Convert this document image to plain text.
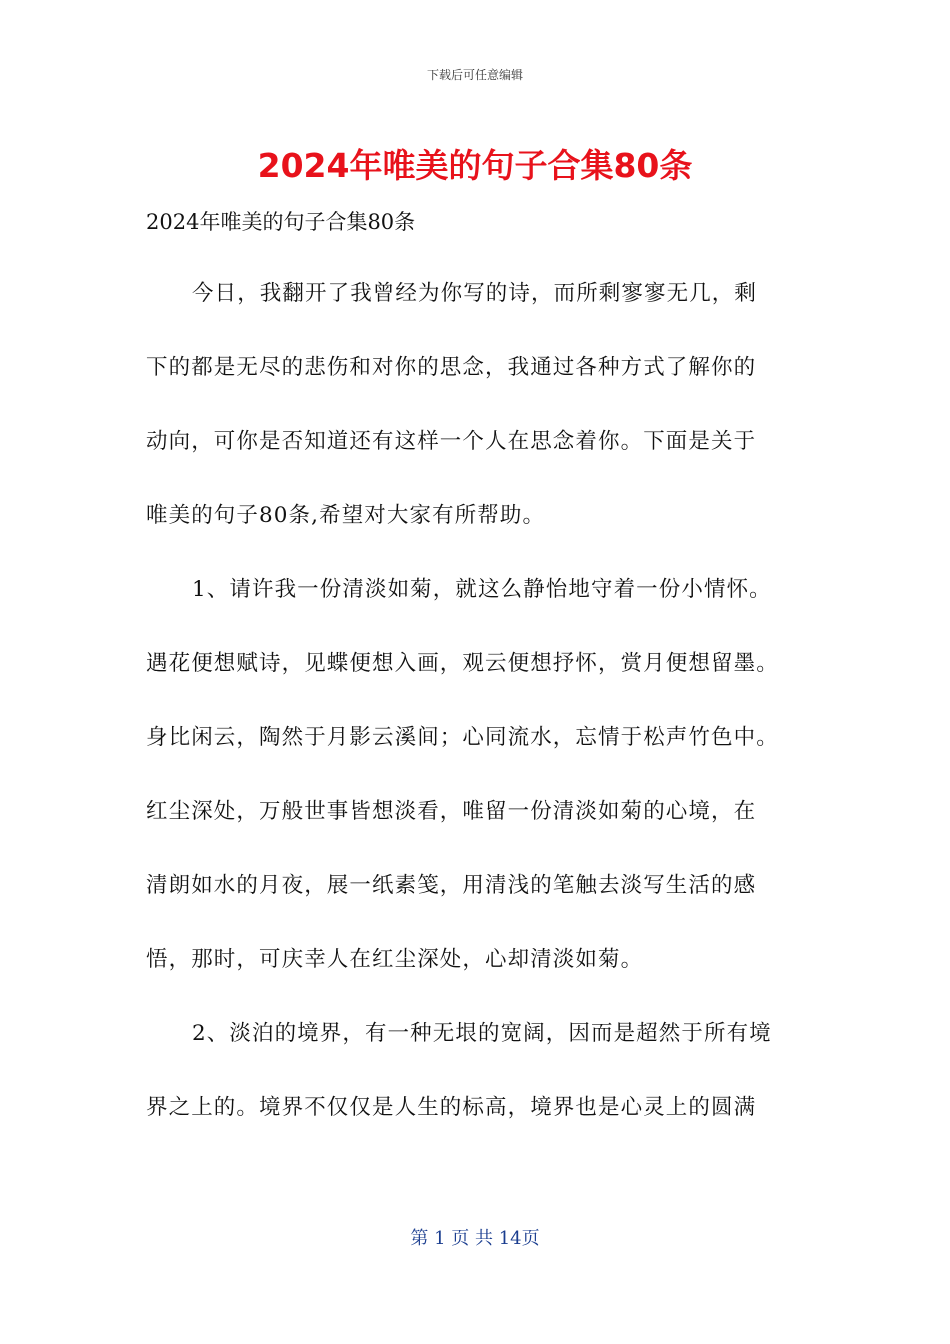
下载后可任意编辑
2024年唯美的句子合集80条

2024年唯美的句子合集80条

今日，我翻开了我曾经为你写的诗，而所剩寥寥无几，剩
下的都是无尽的悲伤和对你的思念，我通过各种方式了解你的
动向，可你是否知道还有这样一个人在思念着你。下面是关于
唯美的句子80条,希望对大家有所帮助。
1、请许我一份清淡如菊，就这么静怡地守着一份小情怀。
遇花便想赋诗，见蝶便想入画，观云便想抒怀，赏月便想留墨。
身比闲云，陶然于月影云溪间；心同流水，忘情于松声竹色中。
红尘深处，万般世事皆想淡看，唯留一份清淡如菊的心境，在
清朗如水的月夜，展一纸素笺，用清浅的笔触去淡写生活的感
悟，那时，可庆幸人在红尘深处，心却清淡如菊。
2、淡泊的境界，有一种无垠的宽阔，因而是超然于所有境
界之上的。境界不仅仅是人生的标高，境界也是心灵上的圆满
第 1 页 共 14页
